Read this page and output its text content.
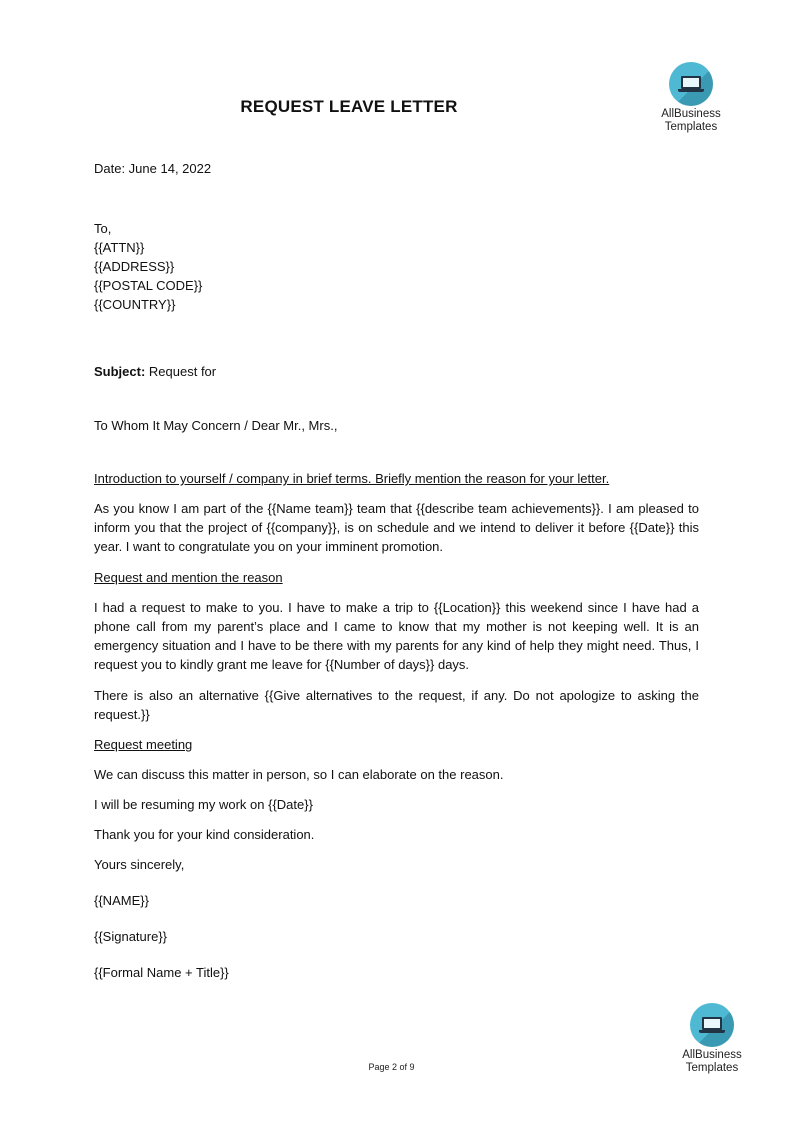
REQUEST LEAVE LETTER	AllBusiness
Templates
Date: June 14, 2022

To,

{{ATTN}}

{{ADDRESS}}

{{POSTAL CODE}}

{{COUNTRY}}

Subject: Request for
To Whom It May Concern / Dear Mr., Mrs.,
Introduction to yourself / company in brief terms. Briefly mention the reason for your letter.
As you know I am part of the {{Name team}} team that {{describe team achievements}}. I am pleased to inform you that the project of {{company}}, is on schedule and we intend to deliver it before {{Date}} this year. I want to congratulate you on your imminent promotion.
Request and mention the reason
I had a request to make to you. I have to make a trip to {{Location}} this weekend since I have had a phone call from my parent’s place and I came to know that my mother is not keeping well. It is an emergency situation and I have to be there with my parents for any kind of help they might need. Thus, I request you to kindly grant me leave for {{Number of days}} days.
There is also an alternative {{Give alternatives to the request, if any. Do not apologize to asking the request.}}
Request meeting
We can discuss this matter in person, so I can elaborate on the reason.
I will be resuming my work on {{Date}}
Thank you for your kind consideration.
Yours sincerely,
{{NAME}}
{{Signature}}
{{Formal Name + Title}}
AllBusiness
Templates
Page 2 of 9
